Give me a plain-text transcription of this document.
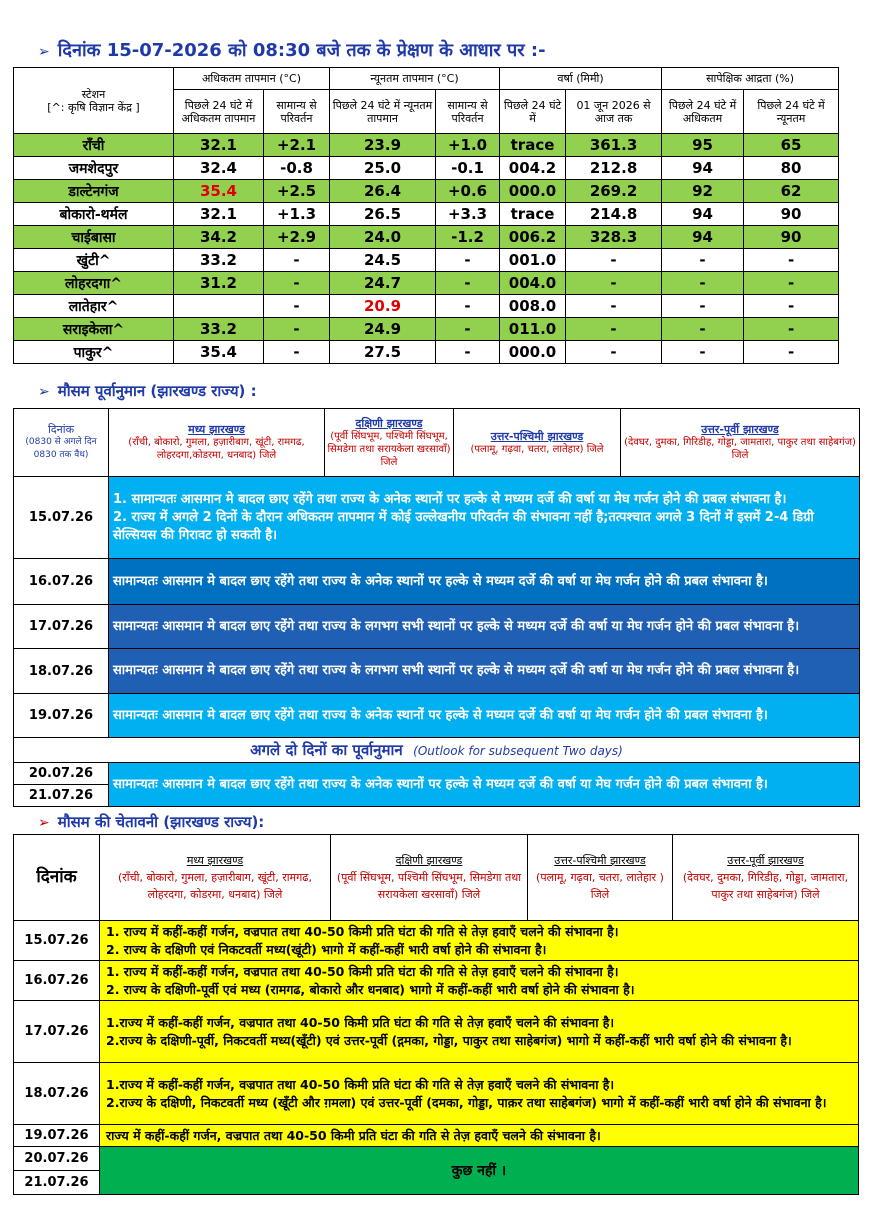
➢ दिनांक 15-07-2026 को 08:30 बजे तक के प्रेक्षण के आधार पर :-
स्टेशन
[^: कृषि विज्ञान केंद्र ]	अधिकतम तापमान (°C)		न्यूनतम तापमान (°C)		वर्षा (मिमी)		सापेक्षिक आद्रता (%)	
	पिछले 24 घंटे में अधिकतम तापमान	सामान्य से परिवर्तन	पिछले 24 घंटे में न्यूनतम तापमान	सामान्य से परिवर्तन	पिछले 24 घंटे में	01 जून 2026 से आज तक	पिछले 24 घंटे में अधिकतम	पिछले 24 घंटे में न्यूनतम
राँची	32.1	+2.1	23.9	+1.0	trace	361.3	95	65
जमशेदपुर	32.4	-0.8	25.0	-0.1	004.2	212.8	94	80
डाल्टेनगंज	35.4	+2.5	26.4	+0.6	000.0	269.2	92	62
बोकारो-थर्मल	32.1	+1.3	26.5	+3.3	trace	214.8	94	90
चाईबासा	34.2	+2.9	24.0	-1.2	006.2	328.3	94	90
खुंटी^	33.2	-	24.5	-	001.0	-	-	-
लोहरदगा^	31.2	-	24.7	-	004.0	-	-	-
लातेहार^		-	20.9	-	008.0	-	-	-
सराइकेला^	33.2	-	24.9	-	011.0	-	-	-
पाकुर^	35.4	-	27.5	-	000.0	-	-	-
➢ मौसम पूर्वानुमान (झारखण्ड राज्य) :
दिनांक
(0830 से अगले दिन 0830 तक वैध)	मध्य झारखण्ड
(राँची, बोकारो, गुमला, हज़ारीबाग, खूंटी, रामगढ, लोहरदगा,कोडरमा, धनबाद) जिले	दक्षिणी झारखण्ड
(पूर्वी सिंघभूम, पश्चिमी सिंघभूम, सिमडेगा तथा सरायकेला खरसावाँ) जिले	उत्तर-पश्चिमी झारखण्ड
(पलामू, गढ़वा, चतरा, लातेहार) जिले	उत्तर-पूर्वी झारखण्ड
(देवघर, दुमका, गिरिडीह, गोड्डा, जामतारा, पाकुर तथा साहेबगंज) जिले
15.07.26	1. सामान्यतः आसमान मे बादल छाए रहेंगे तथा राज्य के अनेक स्थानों पर हल्के से मध्यम दर्जे की वर्षा या मेघ गर्जन होने की प्रबल संभावना है।
2. राज्य में अगले 2 दिनों के दौरान अधिकतम तापमान में कोई उल्लेखनीय परिवर्तन की संभावना नहीं है;तत्पश्चात अगले 3 दिनों में इसमें 2-4 डिग्री सेल्सियस की गिरावट हो सकती है।			

16.07.26	सामान्यतः आसमान मे बादल छाए रहेंगे तथा राज्य के अनेक स्थानों पर हल्के से मध्यम दर्जे की वर्षा या मेघ गर्जन होने की प्रबल संभावना है।			
17.07.26	सामान्यतः आसमान मे बादल छाए रहेंगे तथा राज्य के लगभग सभी स्थानों पर हल्के से मध्यम दर्जे की वर्षा या मेघ गर्जन होने की प्रबल संभावना है।			
18.07.26	सामान्यतः आसमान मे बादल छाए रहेंगे तथा राज्य के लगभग सभी स्थानों पर हल्के से मध्यम दर्जे की वर्षा या मेघ गर्जन होने की प्रबल संभावना है।			
19.07.26	सामान्यतः आसमान मे बादल छाए रहेंगे तथा राज्य के अनेक स्थानों पर हल्के से मध्यम दर्जे की वर्षा या मेघ गर्जन होने की प्रबल संभावना है।			
अगले दो दिनों का पूर्वानुमान (Outlook for subsequent Two days)				
20.07.26	सामान्यतः आसमान मे बादल छाए रहेंगे तथा राज्य के अनेक स्थानों पर हल्के से मध्यम दर्जे की वर्षा या मेघ गर्जन होने की प्रबल संभावना है।			
21.07.26				
➢ मौसम की चेतावनी (झारखण्ड राज्य):
दिनांक	मध्य झारखण्ड
(राँची, बोकारो, गुमला, हज़ारीबाग, खूंटी, रामगढ, लोहरदगा, कोडरमा, धनबाद) जिले	दक्षिणी झारखण्ड
(पूर्वी सिंघभूम, पश्चिमी सिंघभूम, सिमडेगा तथा सरायकेला खरसावाँ) जिले	उत्तर-पश्चिमी झारखण्ड
(पलामू, गढ़वा, चतरा, लातेहार ) जिले	उत्तर-पूर्वी झारखण्ड
(देवघर, दुमका, गिरिडीह, गोड्डा, जामतारा, पाकुर तथा साहेबगंज) जिले
15.07.26	1. राज्य में कहीं-कहीं गर्जन, वज्रपात तथा 40-50 किमी प्रति घंटा की गति से तेज़ हवाएँ चलने की संभावना है।
2. राज्य के दक्षिणी एवं निकटवर्ती मध्य(खूंटी) भागो में कहीं-कहीं भारी वर्षा होने की संभावना है।			

16.07.26	1. राज्य में कहीं-कहीं गर्जन, वज्रपात तथा 40-50 किमी प्रति घंटा की गति से तेज़ हवाएँ चलने की संभावना है।
2. राज्य के दक्षिणी-पूर्वी एवं मध्य (रामगढ, बोकारो और धनबाद) भागो में कहीं-कहीं भारी वर्षा होने की संभावना है।			

17.07.26	1.राज्य में कहीं-कहीं गर्जन, वज्रपात तथा 40-50 किमी प्रति घंटा की गति से तेज़ हवाएँ चलने की संभावना है।
2.राज्य के दक्षिणी-पूर्वी, निकटवर्ती मध्य(खूँटी) एवं उत्तर-पूर्वी (द्गमका, गोड्डा, पाकुर तथा साहेबगंज) भागो में कहीं-कहीं भारी वर्षा होने की संभावना है।			

18.07.26	1.राज्य में कहीं-कहीं गर्जन, वज्रपात तथा 40-50 किमी प्रति घंटा की गति से तेज़ हवाएँ चलने की संभावना है।
2.राज्य के दक्षिणी, निकटवर्ती मध्य (खूँटी और ग़मला) एवं उत्तर-पूर्वी (दमका, गोड्डा, पाक़र तथा साहेबगंज) भागो में कहीं-कहीं भारी वर्षा होने की संभावना है।			

19.07.26	राज्य में कहीं-कहीं गर्जन, वज्रपात तथा 40-50 किमी प्रति घंटा की गति से तेज़ हवाएँ चलने की संभावना है।			
20.07.26	कुछ नहीं ।			
21.07.26				
